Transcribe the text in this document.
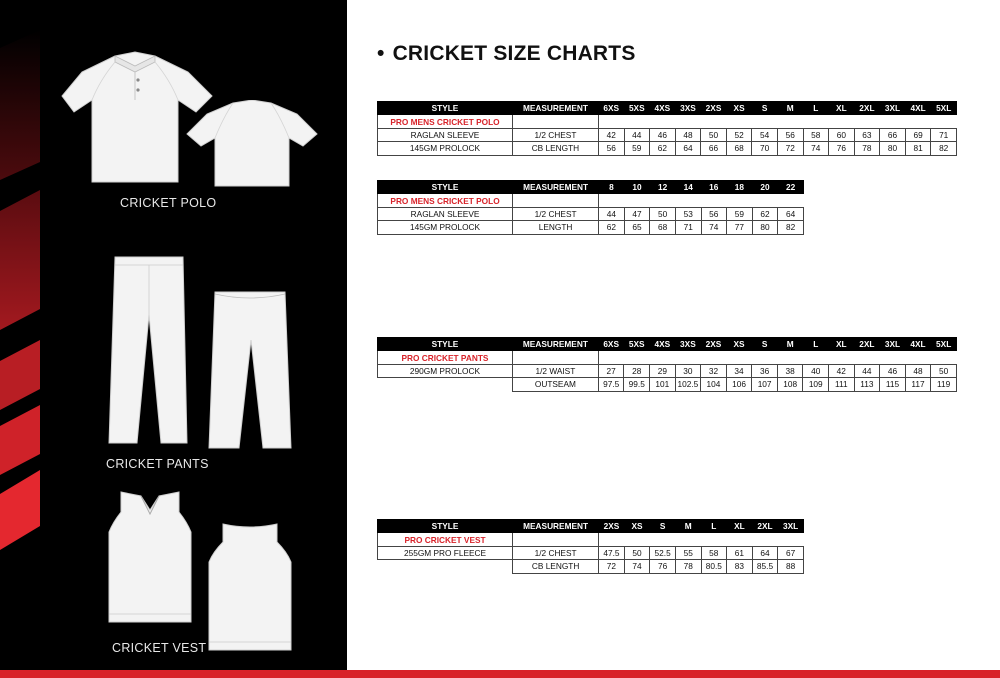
CRICKET POLO
CRICKET PANTS
CRICKET VEST
• CRICKET SIZE CHARTS
STYLE	MEASUREMENT	6XS	5XS	4XS	3XS	2XS	XS	S	M	L	XL	2XL	3XL	4XL	5XL
PRO MENS CRICKET POLO															
RAGLAN SLEEVE	1/2 CHEST	42	44	46	48	50	52	54	56	58	60	63	66	69	71
145GM PROLOCK	CB LENGTH	56	59	62	64	66	68	70	72	74	76	78	80	81	82
STYLE	MEASUREMENT	8	10	12	14	16	18	20	22
PRO MENS CRICKET POLO									
RAGLAN SLEEVE	1/2 CHEST	44	47	50	53	56	59	62	64
145GM PROLOCK	LENGTH	62	65	68	71	74	77	80	82
STYLE	MEASUREMENT	6XS	5XS	4XS	3XS	2XS	XS	S	M	L	XL	2XL	3XL	4XL	5XL
PRO CRICKET PANTS															
290GM PROLOCK	1/2 WAIST	27	28	29	30	32	34	36	38	40	42	44	46	48	50
	OUTSEAM	97.5	99.5	101	102.5	104	106	107	108	109	111	113	115	117	119
STYLE	MEASUREMENT	2XS	XS	S	M	L	XL	2XL	3XL
PRO CRICKET VEST									
255GM PRO FLEECE	1/2 CHEST	47.5	50	52.5	55	58	61	64	67
	CB LENGTH	72	74	76	78	80.5	83	85.5	88
